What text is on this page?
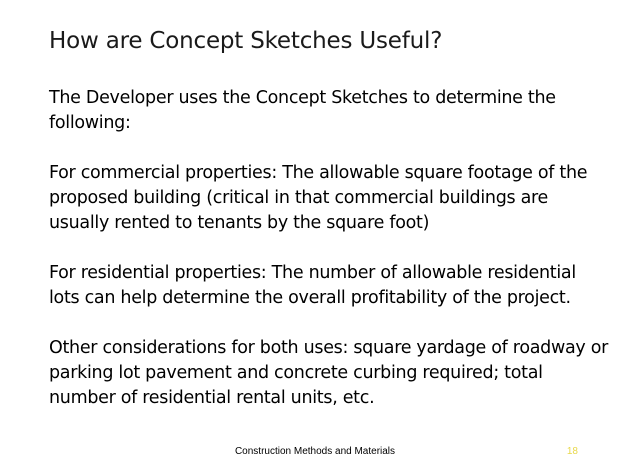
How are Concept Sketches Useful?

The Developer uses the Concept Sketches to determine the following:

For commercial properties: The allowable square footage of the proposed building (critical in that commercial buildings are usually rented to tenants by the square foot)

For residential properties: The number of allowable residential lots can help determine the overall profitability of the project.

Other considerations for both uses: square yardage of roadway or parking lot pavement and concrete curbing required; total number of residential rental units, etc.

Construction Methods and Materials	18
